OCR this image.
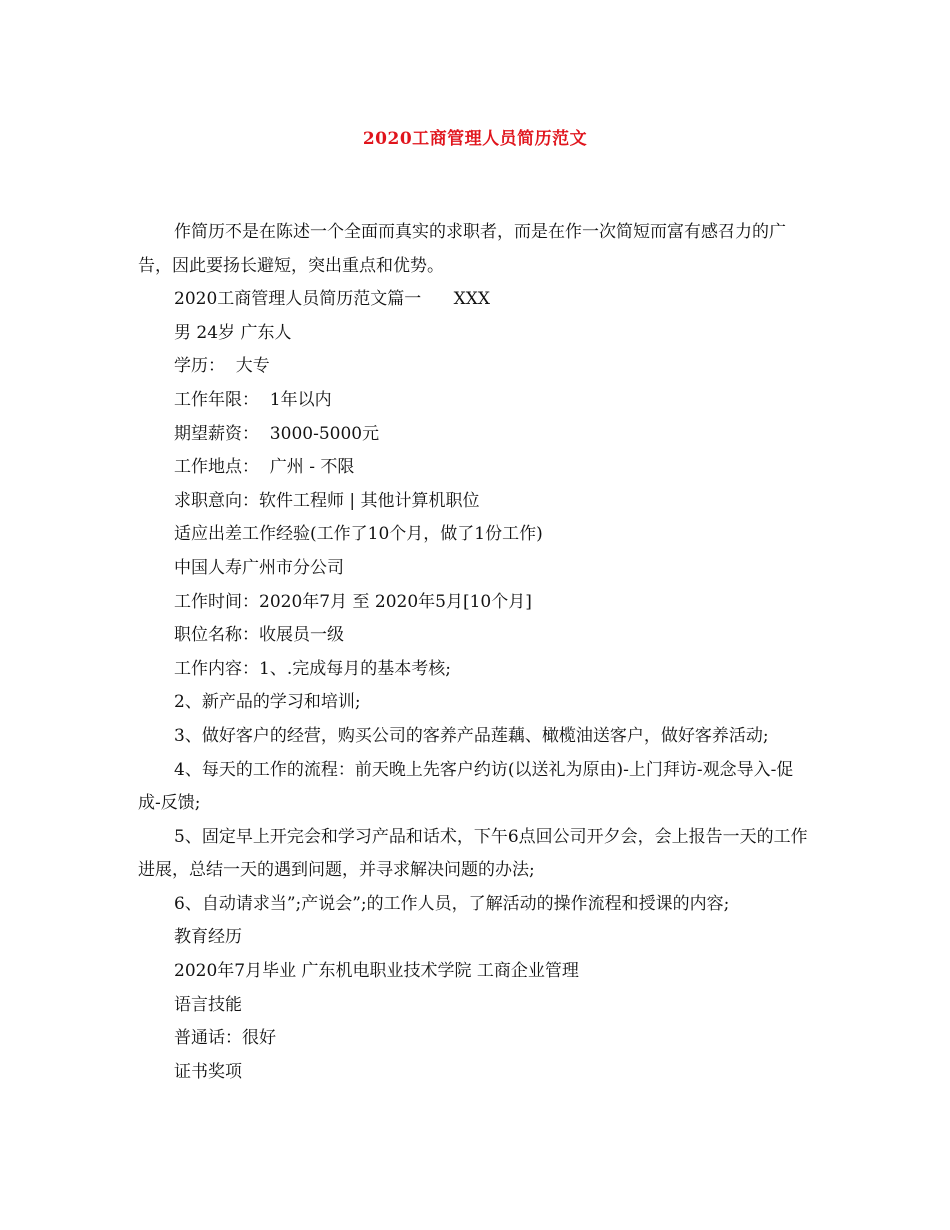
2020工商管理人员简历范文

作简历不是在陈述一个全面而真实的求职者，而是在作一次简短而富有感召力的广告，因此要扬长避短，突出重点和优势。

2020工商管理人员简历范文篇一      XXX

男 24岁 广东人

学历：  大专

工作年限：  1年以内

期望薪资：  3000-5000元

工作地点：  广州 - 不限

求职意向：软件工程师 | 其他计算机职位

适应出差工作经验(工作了10个月，做了1份工作)

中国人寿广州市分公司

工作时间：2020年7月 至 2020年5月[10个月]

职位名称：收展员一级

工作内容：1、.完成每月的基本考核;

2、新产品的学习和培训;

3、做好客户的经营，购买公司的客养产品莲藕、橄榄油送客户，做好客养活动;

4、每天的工作的流程：前天晚上先客户约访(以送礼为原由)-上门拜访-观念导入-促成-反馈;

5、固定早上开完会和学习产品和话术，下午6点回公司开夕会，会上报告一天的工作进展，总结一天的遇到问题，并寻求解决问题的办法;

6、自动请求当”;产说会”;的工作人员，了解活动的操作流程和授课的内容;

教育经历

2020年7月毕业 广东机电职业技术学院 工商企业管理

语言技能

普通话：很好

证书奖项
